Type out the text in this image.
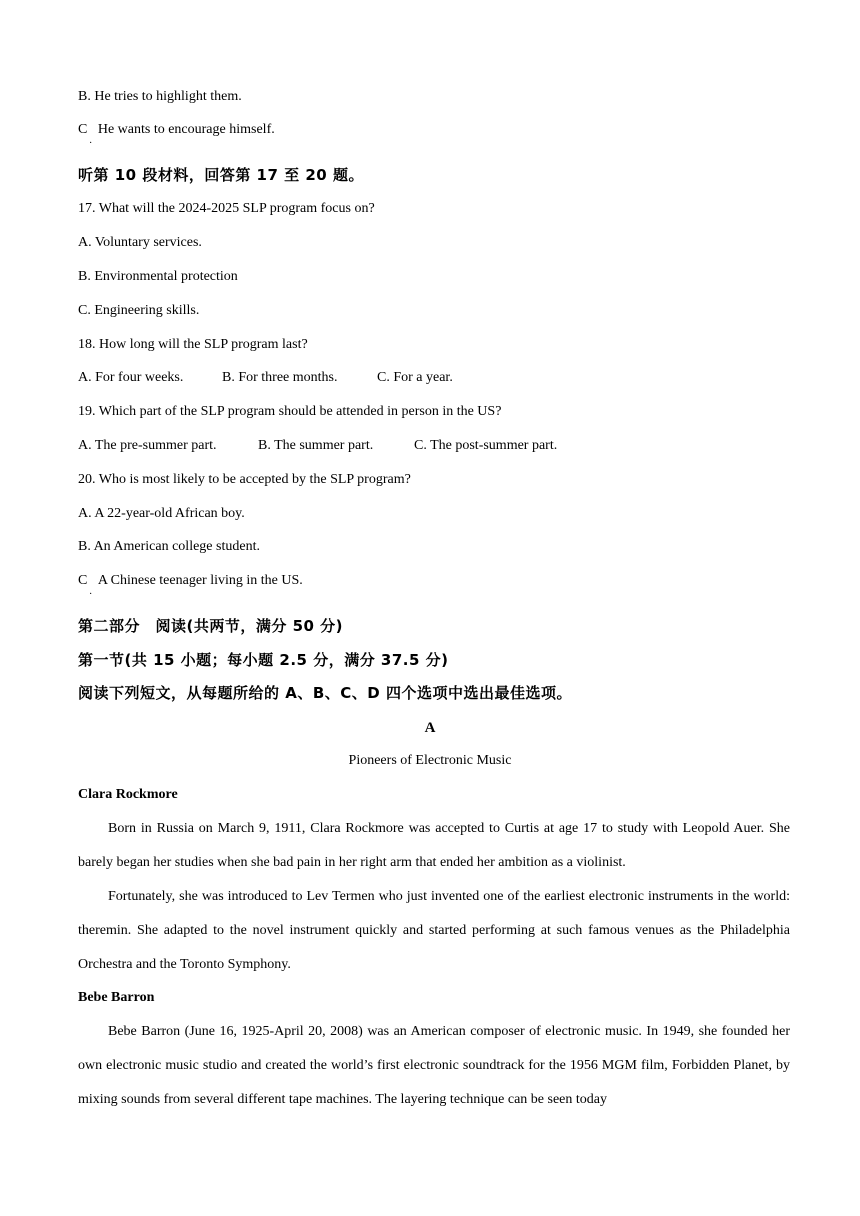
B. He tries to highlight them.
C He wants to encourage himself.
·
听第 10 段材料，回答第 17 至 20 题。
17. What will the 2024-2025 SLP program focus on?
A. Voluntary services.
B. Environmental protection
C. Engineering skills.
18. How long will the SLP program last?
A. For four weeks.	B. For three months.	C. For a year.
19. Which part of the SLP program should be attended in person in the US?
A. The pre-summer part.	B. The summer part.	C. The post-summer part.
20. Who is most likely to be accepted by the SLP program?
A. A 22-year-old African boy.
B. An American college student.
C A Chinese teenager living in the US.
·
第二部分　阅读(共两节，满分 50 分)
第一节(共 15 小题；每小题 2.5 分，满分 37.5 分)
阅读下列短文，从每题所给的 A、B、C、D 四个选项中选出最佳选项。
A
Pioneers of Electronic Music
Clara Rockmore
Born in Russia on March 9, 1911, Clara Rockmore was accepted to Curtis at age 17 to study with Leopold Auer. She barely began her studies when she bad pain in her right arm that ended her ambition as a violinist.
Fortunately, she was introduced to Lev Termen who just invented one of the earliest electronic instruments in the world: theremin. She adapted to the novel instrument quickly and started performing at such famous venues as the Philadelphia Orchestra and the Toronto Symphony.
Bebe Barron
Bebe Barron (June 16, 1925-April 20, 2008) was an American composer of electronic music. In 1949, she founded her own electronic music studio and created the world’s first electronic soundtrack for the 1956 MGM film, Forbidden Planet, by mixing sounds from several different tape machines. The layering technique can be seen today
